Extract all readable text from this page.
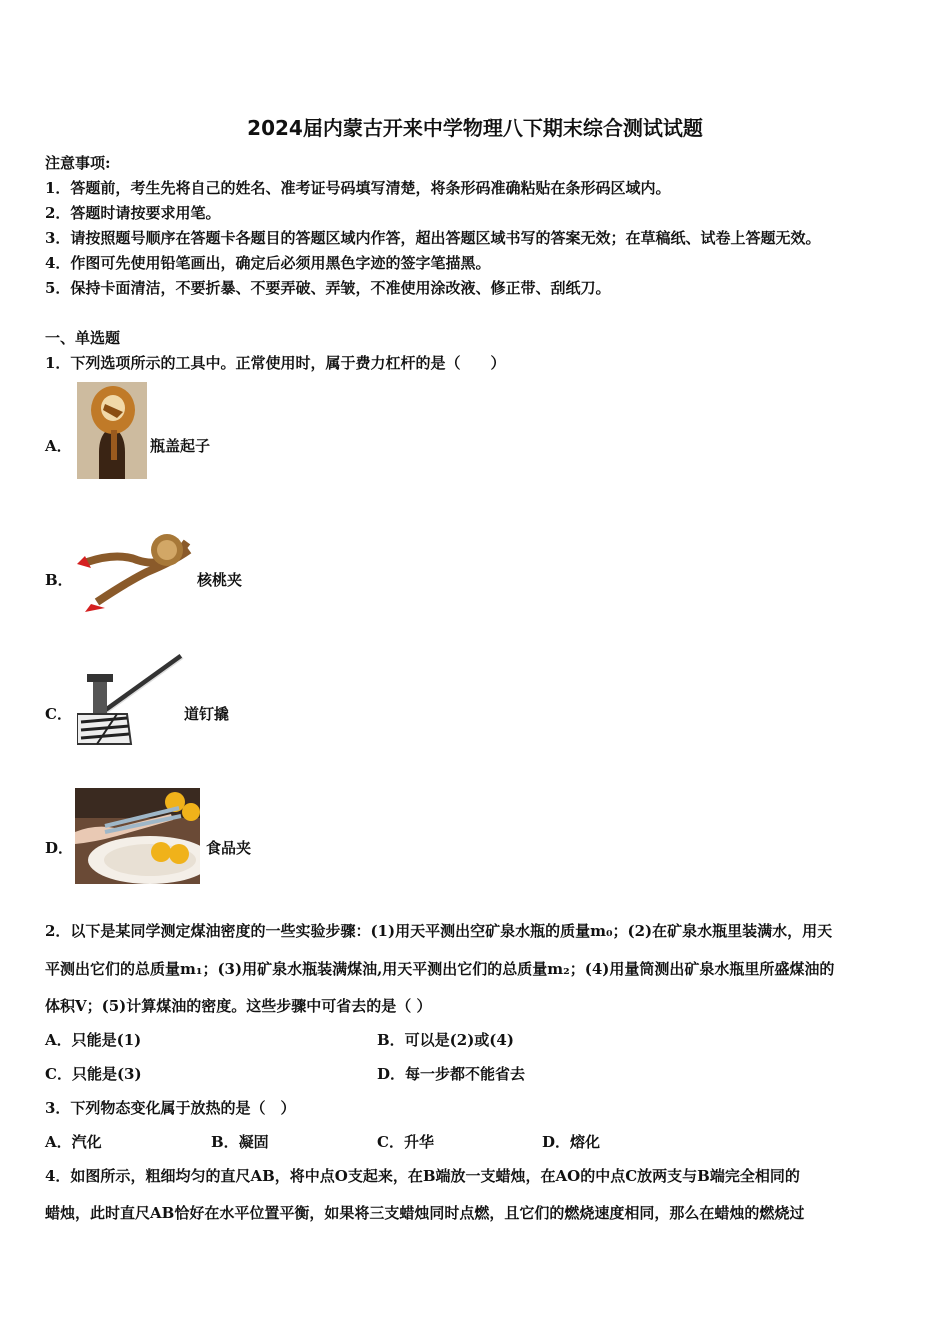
2024届内蒙古开来中学物理八下期末综合测试试题
注意事项:
1．答题前，考生先将自己的姓名、准考证号码填写清楚，将条形码准确粘贴在条形码区域内。
2．答题时请按要求用笔。
3．请按照题号顺序在答题卡各题目的答题区域内作答，超出答题区域书写的答案无效；在草稿纸、试卷上答题无效。
4．作图可先使用铅笔画出，确定后必须用黑色字迹的签字笔描黑。
5．保持卡面清洁，不要折暴、不要弄破、弄皱，不准使用涂改液、修正带、刮纸刀。
一、单选题
1．下列选项所示的工具中。正常使用时，属于费力杠杆的是（　　）
A．	瓶盖起子
B．	核桃夹
C．	道钉撬
D．	食品夹
2．以下是某同学测定煤油密度的一些实验步骤：(1)用天平测出空矿泉水瓶的质量m₀；(2)在矿泉水瓶里装满水，用天
平测出它们的总质量m₁；(3)用矿泉水瓶装满煤油,用天平测出它们的总质量m₂；(4)用量筒测出矿泉水瓶里所盛煤油的
体积V；(5)计算煤油的密度。这些步骤中可省去的是（ ）
A．只能是(1)	B．可以是(2)或(4)
C．只能是(3)	D．每一步都不能省去
3．下列物态变化属于放热的是（　）
A．汽化	B．凝固	C．升华	D．熔化
4．如图所示，粗细均匀的直尺AB，将中点O支起来，在B端放一支蜡烛，在AO的中点C放两支与B端完全相同的
蜡烛，此时直尺AB恰好在水平位置平衡，如果将三支蜡烛同时点燃，且它们的燃烧速度相同，那么在蜡烛的燃烧过
